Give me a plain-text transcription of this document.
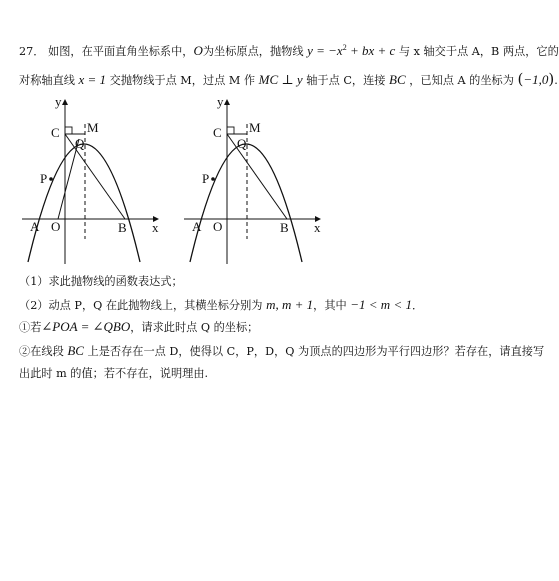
27． 如图，在平面直角坐标系中，O为坐标原点，抛物线 $y = -x^2$ + bx + c 与 x 轴交于点 A，B 两点，它的
对称轴直线 x = 1 交抛物线于点 M，过点 M 作 MC ⊥ y 轴于点 C，连接 BC ，已知点 A 的坐标为 (−1,0).
y
x
C M
Q
P
A O	B
y
x
C M
Q
P
A O	B
（1）求此抛物线的函数表达式；
（2）动点 P，Q 在此抛物线上，其横坐标分别为 m, m + 1，其中 −1 < m < 1．
①若∠POA = ∠QBO，请求此时点 Q 的坐标；
②在线段 BC 上是否存在一点 D，使得以 C，P，D，Q 为顶点的四边形为平行四边形？若存在，请直接写
出此时 m 的值；若不存在，说明理由.
